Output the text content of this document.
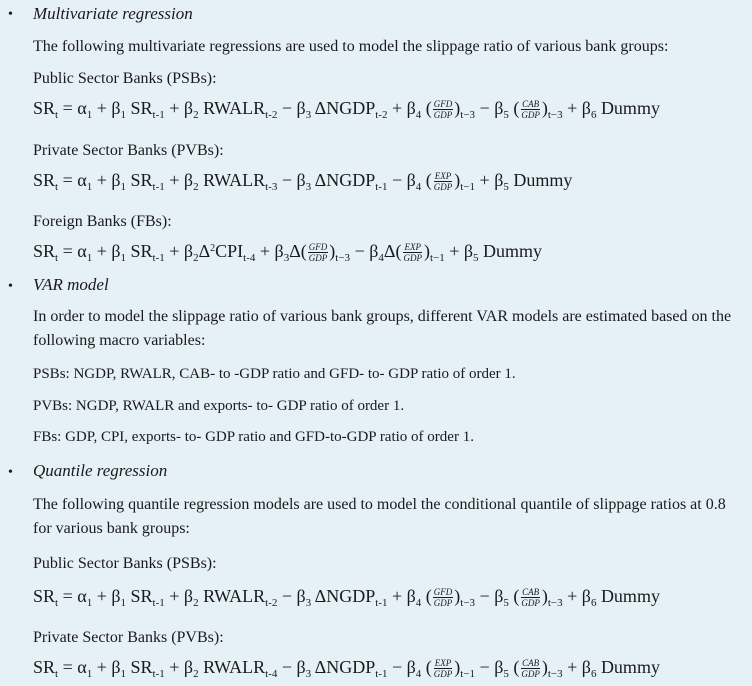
• Multivariate regression
The following multivariate regressions are used to model the slippage ratio of various bank groups:
Public Sector Banks (PSBs):
$SR_t = \alpha_1 + \beta_1$ $SR_{t-1} + \beta_2$ $RWALR_{t-2} - \beta_3$ $\Delta NGDP_{t-2} + \beta_4$ ( $\frac{\text{GFD}}{\text{GDP}} )_{t-3} - \beta_5$ ( $\frac{\text{CAB}}{\text{GDP}} )_{t-3} + \beta_6$ Dummy
Private Sector Banks (PVBs):
$SR_t = \alpha_1 + \beta_1$ $SR_{t-1} + \beta_2$ $RWALR_{t-3} - \beta_3$ $\Delta NGDP_{t-1} - \beta_4$ ( $\frac{\text{EXP}}{\text{GDP}} )_{t-1} + \beta_5$ Dummy
Foreign Banks (FBs):
$SR_t = \alpha_1 + \beta_1$ $SR_{t-1} + \beta_2\Delta^2CPI_{t-4} + \beta_3\Delta( \frac{\text{GFD}}{\text{GDP}} )_{t-3} - \beta_4\Delta( \frac{\text{EXP}}{\text{GDP}} )_{t-1} + \beta_5$ Dummy
• VAR model
In order to model the slippage ratio of various bank groups, different VAR models are estimated based on the following macro variables:
PSBs: NGDP, RWALR, CAB- to -GDP ratio and GFD- to- GDP ratio of order 1.
PVBs: NGDP, RWALR and exports- to- GDP ratio of order 1.
FBs: GDP, CPI, exports- to- GDP ratio and GFD-to-GDP ratio of order 1.
• Quantile regression
The following quantile regression models are used to model the conditional quantile of slippage ratios at 0.8 for various bank groups:
Public Sector Banks (PSBs):
$SR_t = \alpha_1 + \beta_1$ $SR_{t-1} + \beta_2$ $RWALR_{t-2} - \beta_3$ $\Delta NGDP_{t-1} + \beta_4$ ( $\frac{\text{GFD}}{\text{GDP}} )_{t-3} - \beta_5$ ( $\frac{\text{CAB}}{\text{GDP}} )_{t-3} + \beta_6$ Dummy
Private Sector Banks (PVBs):
$SR_t = \alpha_1 + \beta_1$ $SR_{t-1} + \beta_2$ $RWALR_{t-4} - \beta_3$ $\Delta NGDP_{t-1} - \beta_4$ ( $\frac{\text{EXP}}{\text{GDP}} )_{t-1} - \beta_5$ ( $\frac{\text{CAB}}{\text{GDP}} )_{t-3} + \beta_6$ Dummy
